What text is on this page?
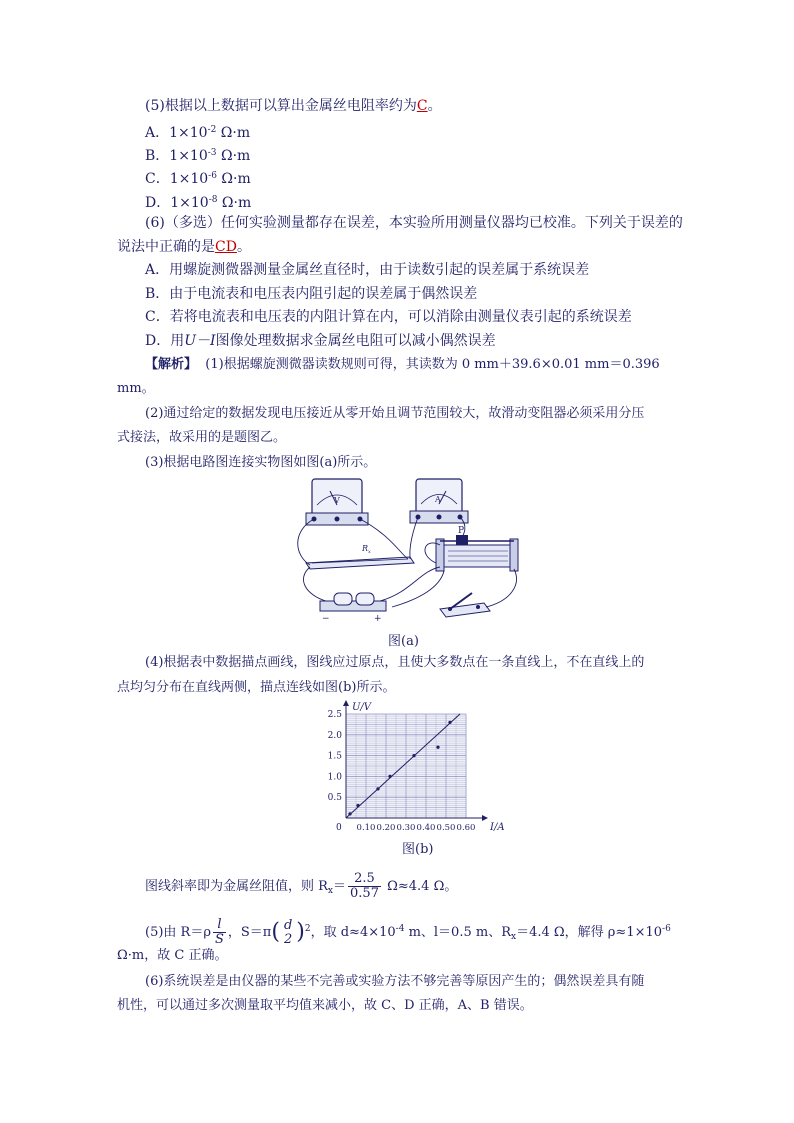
(5)根据以上数据可以算出金属丝电阻率约为C。
A．$1\times 10^{-2}$ Ω·m
B．$1\times 10^{-3}$ Ω·m
C．$1\times 10^{-6}$ Ω·m
D．$1\times 10^{-8}$ Ω·m
(6)（多选）任何实验测量都存在误差，本实验所用测量仪器均已校准。下列关于误差的
说法中正确的是CD。
A．用螺旋测微器测量金属丝直径时，由于读数引起的误差属于系统误差
B．由于电流表和电压表内阻引起的误差属于偶然误差
C．若将电流表和电压表的内阻计算在内，可以消除由测量仪表引起的系统误差
D．用U－I图像处理数据求金属丝电阻可以减小偶然误差
【解析】 (1)根据螺旋测微器读数规则可得，其读数为 0 mm＋39.6×0.01 mm＝0.396
mm。
(2)通过给定的数据发现电压接近从零开始且调节范围较大，故滑动变阻器必须采用分压
式接法，故采用的是题图乙。
(3)根据电路图连接实物图如图(a)所示。
V	A
$R_x$
P
−	+
图(a)
(4)根据表中数据描点画线，图线应过原点，且使大多数点在一条直线上，不在直线上的
点均匀分布在直线两侧，描点连线如图(b)所示。
0.10 0.20 0.30 0.40 0.50 0.60
0.5
1.0
1.5
2.0
2.5
0	I/A
U/V
图(b)
图线斜率即为金属丝阻值，则 $R_x= \frac{2.5}{0.57} \Omega\approx 4.4$ Ω。
(5)由 $R=\rho \frac{l}{S}$ ，S＝π( d
2 )$^2$，取 $d\approx 4\times 10^{-4}$ m、l＝0.5 m、$R_x=4.4$ Ω，解得 $\rho\approx 1\times 10^{-6}$
Ω·m，故 C 正确。
(6)系统误差是由仪器的某些不完善或实验方法不够完善等原因产生的；偶然误差具有随
机性，可以通过多次测量取平均值来减小，故 C、D 正确，A、B 错误。
